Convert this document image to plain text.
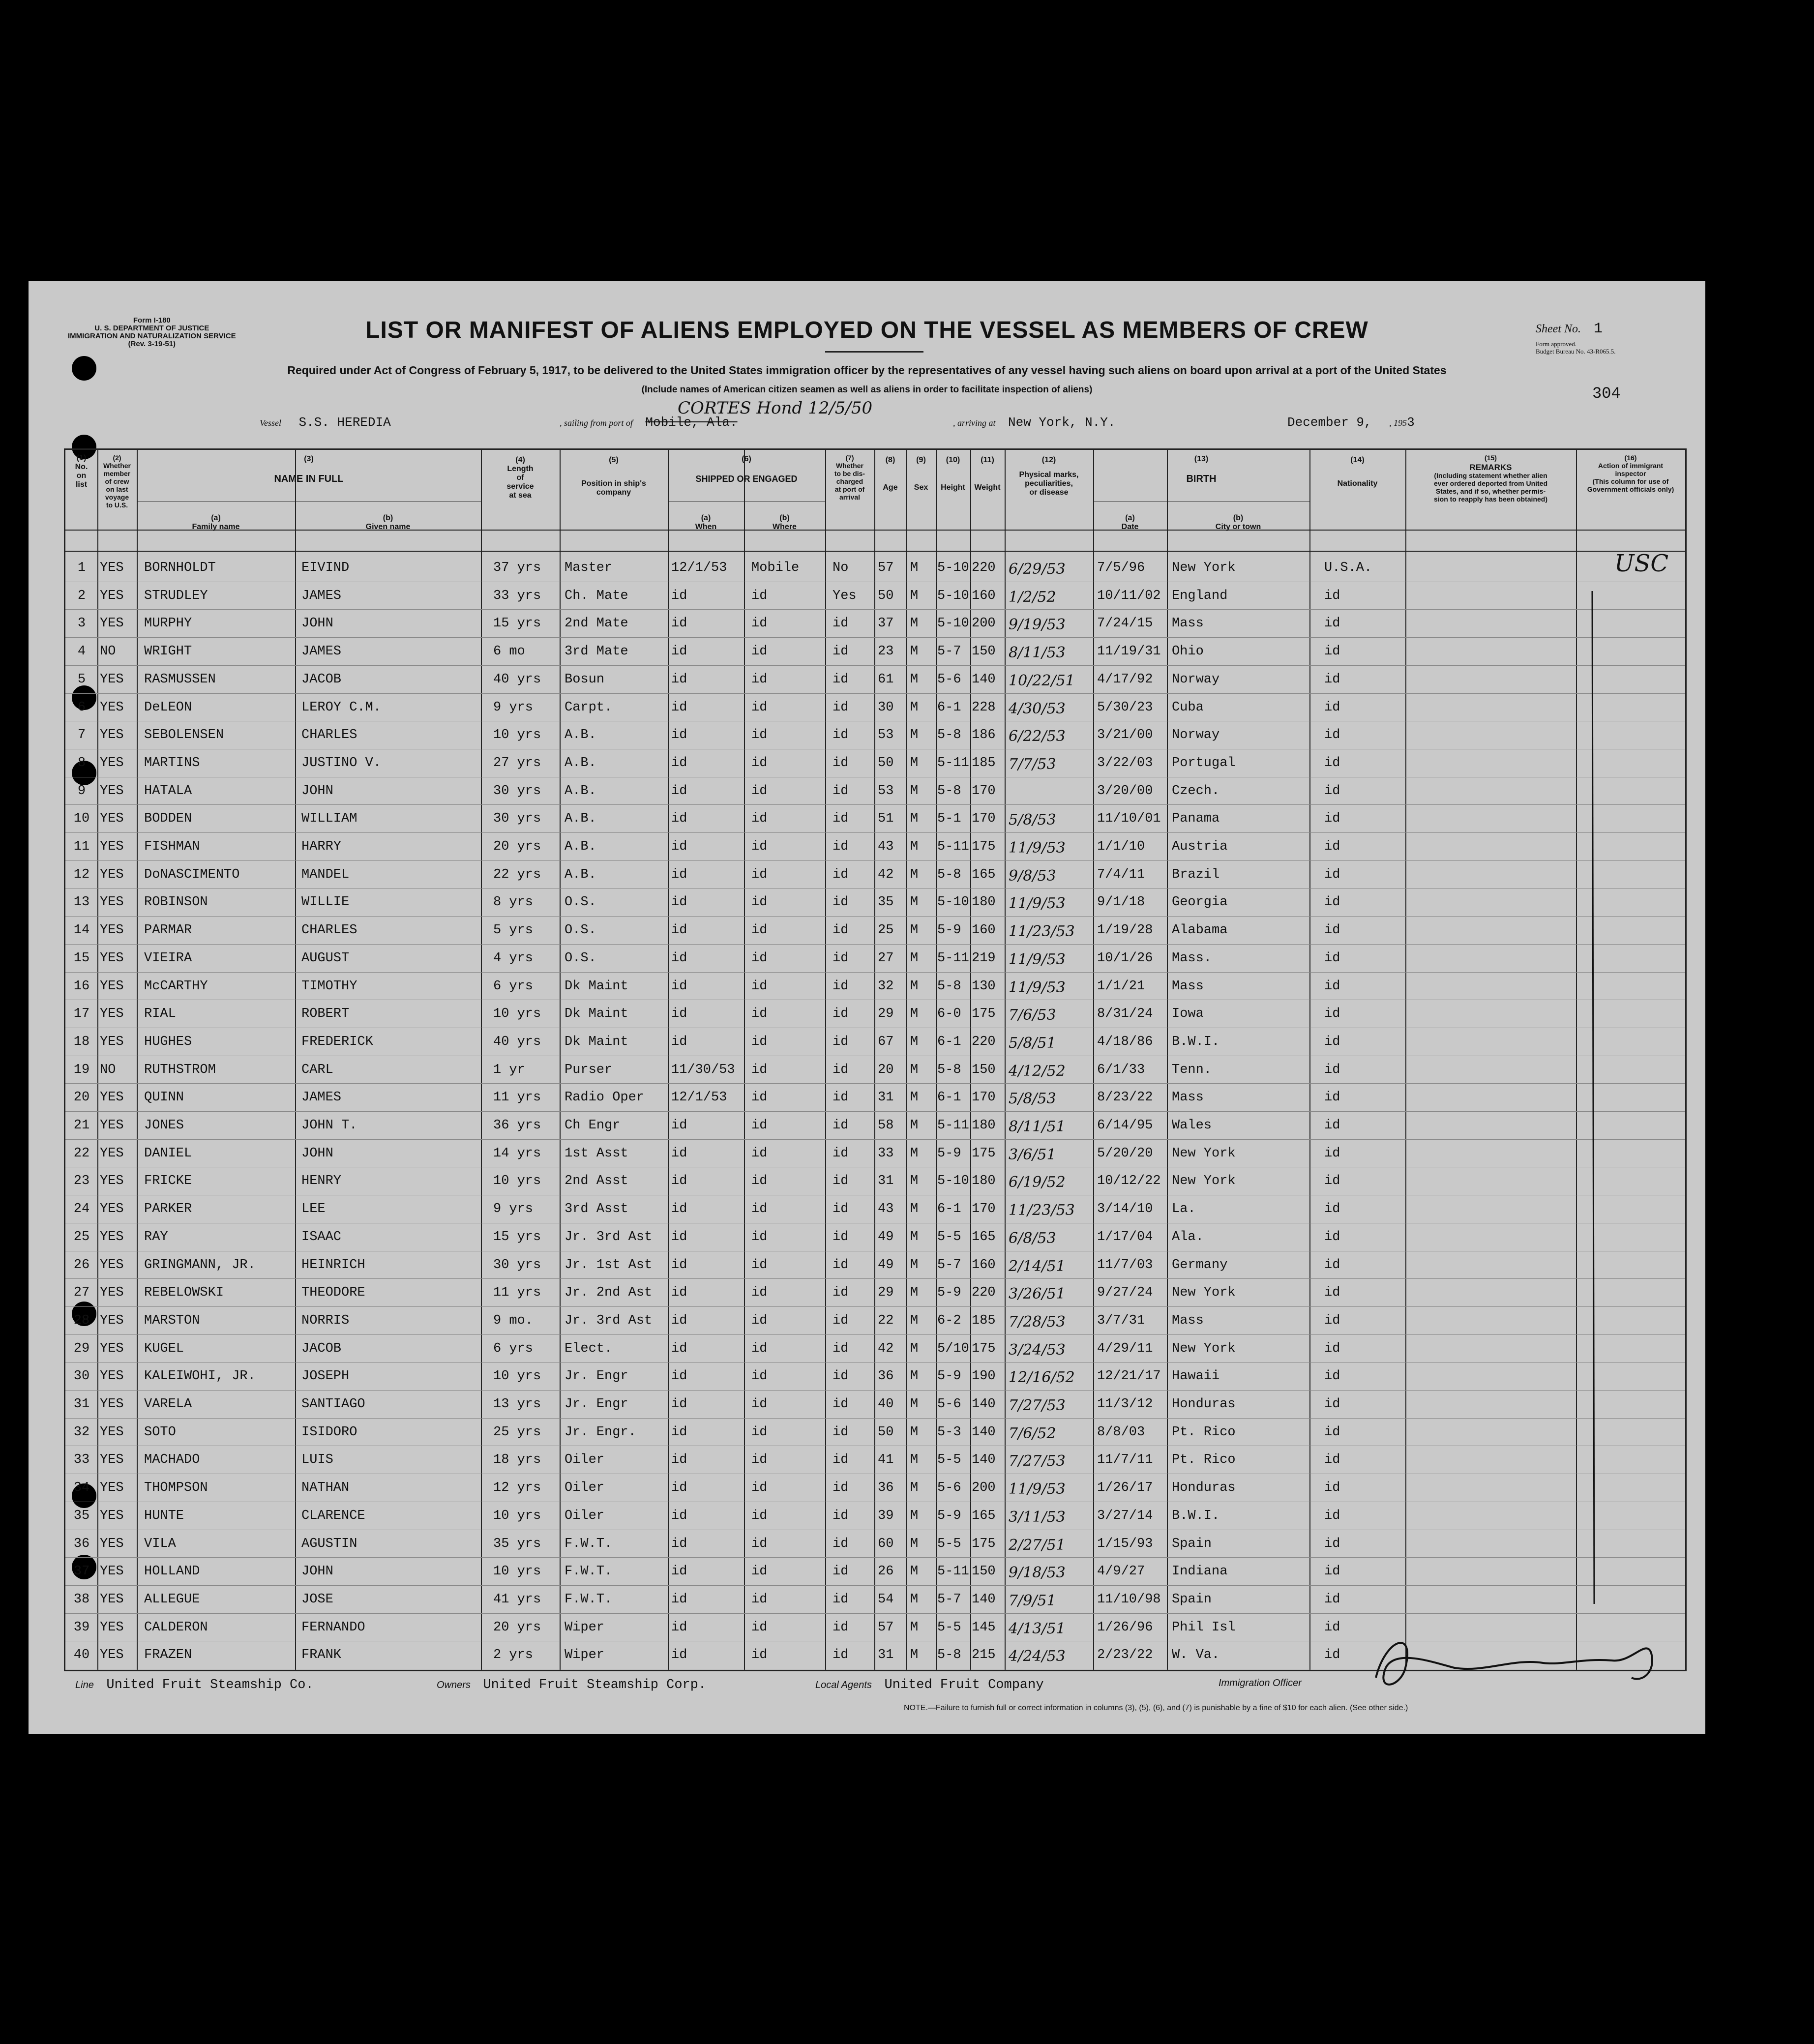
Form I-180
U. S. DEPARTMENT OF JUSTICE
IMMIGRATION AND NATURALIZATION SERVICE
(Rev. 3-19-51)
LIST OR MANIFEST OF ALIENS EMPLOYED ON THE VESSEL AS MEMBERS OF CREW
Required under Act of Congress of February 5, 1917, to be delivered to the United States immigration officer by the representatives of any vessel having such aliens on board upon arrival at a port of the United States
(Include names of American citizen seamen as well as aliens in order to facilitate inspection of aliens)
Sheet No. 1
Form approved.
Budget Bureau No. 43-R065.5.
304
Vessel S.S. HEREDIA	, sailing from port of Mobile, Ala.
CORTES Hond 12/5/50
, arriving at New York, N.Y.	December 9, , 1953
(1)
No.
on
list
(2)
Whether
member
of crew
on last
voyage
to U.S.
(3)
NAME IN FULL
(a)
Family name
(b)
Given name
(4)
Length
of
service
at sea
(5)
Position in ship's
company
(6)
SHIPPED OR ENGAGED
(a)
When
(b)
Where
(7)
Whether
to be dis-
charged
at port of
arrival
(8)
Age
(9)
Sex
(10)
Height
(11)
Weight
(12)
Physical marks,
peculiarities,
or disease
(13)
BIRTH
(a)
Date
(b)
City or town
(14)
Nationality
(15)
REMARKS
(Including statement whether alien
ever ordered deported from United
States, and if so, whether permis-
sion to reapply has been obtained)
(16)
Action of immigrant
inspector
(This column for use of
Government officials only)
1	YES BORNHOLDT	EIVIND	37 yrs Master	12/1/53 Mobile	No 57 M 5-10 220 6/29/53 7/5/96 New York	U.S.A.	USC
2	YES STRUDLEY	JAMES	33 yrs Ch. Mate	id	id	Yes 50 M 5-10 160 1/2/52	10/11/02 England	id
3	YES MURPHY	JOHN	15 yrs 2nd Mate	id	id	id 37 M 5-10 200 9/19/53 7/24/15 Mass	id
4	NO WRIGHT	JAMES	6 mo	3rd Mate	id	id	id 23 M 5-7 150 8/11/53 11/19/31 Ohio	id
5	YES RASMUSSEN	JACOB	40 yrs Bosun	id	id	id 61 M 5-6 140 10/22/51 4/17/92 Norway	id
6	YES DeLEON	LEROY C.M.	9 yrs Carpt.	id	id	id 30 M 6-1 228 4/30/53 5/30/23 Cuba	id
7	YES SEBOLENSEN	CHARLES	10 yrs A.B.	id	id	id 53 M 5-8 186 6/22/53 3/21/00 Norway	id
8	YES MARTINS	JUSTINO V.	27 yrs A.B.	id	id	id 50 M 5-11 185 7/7/53	3/22/03 Portugal	id
9	YES HATALA	JOHN	30 yrs A.B.	id	id	id 53 M 5-8 170	3/20/00 Czech.	id
10 YES BODDEN	WILLIAM	30 yrs A.B.	id	id	id 51 M 5-1 170 5/8/53	11/10/01 Panama	id
11 YES FISHMAN	HARRY	20 yrs A.B.	id	id	id 43 M 5-11 175 11/9/53 1/1/10 Austria	id
12 YES DoNASCIMENTO	MANDEL	22 yrs A.B.	id	id	id 42 M 5-8 165 9/8/53	7/4/11 Brazil	id
13 YES ROBINSON	WILLIE	8 yrs O.S.	id	id	id 35 M 5-10 180 11/9/53 9/1/18 Georgia	id
14 YES PARMAR	CHARLES	5 yrs O.S.	id	id	id 25 M 5-9 160 11/23/53 1/19/28 Alabama	id
15 YES VIEIRA	AUGUST	4 yrs O.S.	id	id	id 27 M 5-11 219 11/9/53 10/1/26 Mass.	id
16 YES McCARTHY	TIMOTHY	6 yrs Dk Maint	id	id	id 32 M 5-8 130 11/9/53 1/1/21 Mass	id
17 YES RIAL	ROBERT	10 yrs Dk Maint	id	id	id 29 M 6-0 175 7/6/53	8/31/24 Iowa	id
18 YES HUGHES	FREDERICK	40 yrs Dk Maint	id	id	id 67 M 6-1 220 5/8/51	4/18/86 B.W.I.	id
19 NO RUTHSTROM	CARL	1 yr	Purser	11/30/53 id	id 20 M 5-8 150 4/12/52 6/1/33 Tenn.	id
20 YES QUINN	JAMES	11 yrs Radio Oper 12/1/53 id	id 31 M 6-1 170 5/8/53	8/23/22 Mass	id
21 YES JONES	JOHN T.	36 yrs Ch Engr	id	id	id 58 M 5-11 180 8/11/51 6/14/95 Wales	id
22 YES DANIEL	JOHN	14 yrs 1st Asst	id	id	id 33 M 5-9 175 3/6/51	5/20/20 New York	id
23 YES FRICKE	HENRY	10 yrs 2nd Asst	id	id	id 31 M 5-10 180 6/19/52 10/12/22 New York	id
24 YES PARKER	LEE	9 yrs 3rd Asst	id	id	id 43 M 6-1 170 11/23/53 3/14/10 La.	id
25 YES RAY	ISAAC	15 yrs Jr. 3rd Ast id	id	id 49 M 5-5 165 6/8/53	1/17/04 Ala.	id
26 YES GRINGMANN, JR.	HEINRICH	30 yrs Jr. 1st Ast id	id	id 49 M 5-7 160 2/14/51 11/7/03 Germany	id
27 YES REBELOWSKI	THEODORE	11 yrs Jr. 2nd Ast id	id	id 29 M 5-9 220 3/26/51 9/27/24 New York	id
28 YES MARSTON	NORRIS	9 mo. Jr. 3rd Ast id	id	id 22 M 6-2 185 7/28/53 3/7/31 Mass	id
29 YES KUGEL	JACOB	6 yrs Elect.	id	id	id 42 M 5/10 175 3/24/53 4/29/11 New York	id
30 YES KALEIWOHI, JR.	JOSEPH	10 yrs Jr. Engr	id	id	id 36 M 5-9 190 12/16/52 12/21/17 Hawaii	id
31 YES VARELA	SANTIAGO	13 yrs Jr. Engr	id	id	id 40 M 5-6 140 7/27/53 11/3/12 Honduras	id
32 YES SOTO	ISIDORO	25 yrs Jr. Engr.	id	id	id 50 M 5-3 140 7/6/52	8/8/03 Pt. Rico	id
33 YES MACHADO	LUIS	18 yrs Oiler	id	id	id 41 M 5-5 140 7/27/53 11/7/11 Pt. Rico	id
34 YES THOMPSON	NATHAN	12 yrs Oiler	id	id	id 36 M 5-6 200 11/9/53 1/26/17 Honduras	id
35 YES HUNTE	CLARENCE	10 yrs Oiler	id	id	id 39 M 5-9 165 3/11/53 3/27/14 B.W.I.	id
36 YES VILA	AGUSTIN	35 yrs F.W.T.	id	id	id 60 M 5-5 175 2/27/51 1/15/93 Spain	id
37 YES HOLLAND	JOHN	10 yrs F.W.T.	id	id	id 26 M 5-11 150 9/18/53 4/9/27 Indiana	id
38 YES ALLEGUE	JOSE	41 yrs F.W.T.	id	id	id 54 M 5-7 140 7/9/51	11/10/98 Spain	id
39 YES CALDERON	FERNANDO	20 yrs Wiper	id	id	id 57 M 5-5 145 4/13/51 1/26/96 Phil Isl	id
40 YES FRAZEN	FRANK	2 yrs Wiper	id	id	id 31 M 5-8 215 4/24/53 2/23/22 W. Va.	id
Line United Fruit Steamship Co.	Owners United Fruit Steamship Corp.	Local Agents United Fruit Company	Immigration Officer
NOTE.—Failure to furnish full or correct information in columns (3), (5), (6), and (7) is punishable by a fine of $10 for each alien. (See other side.)
